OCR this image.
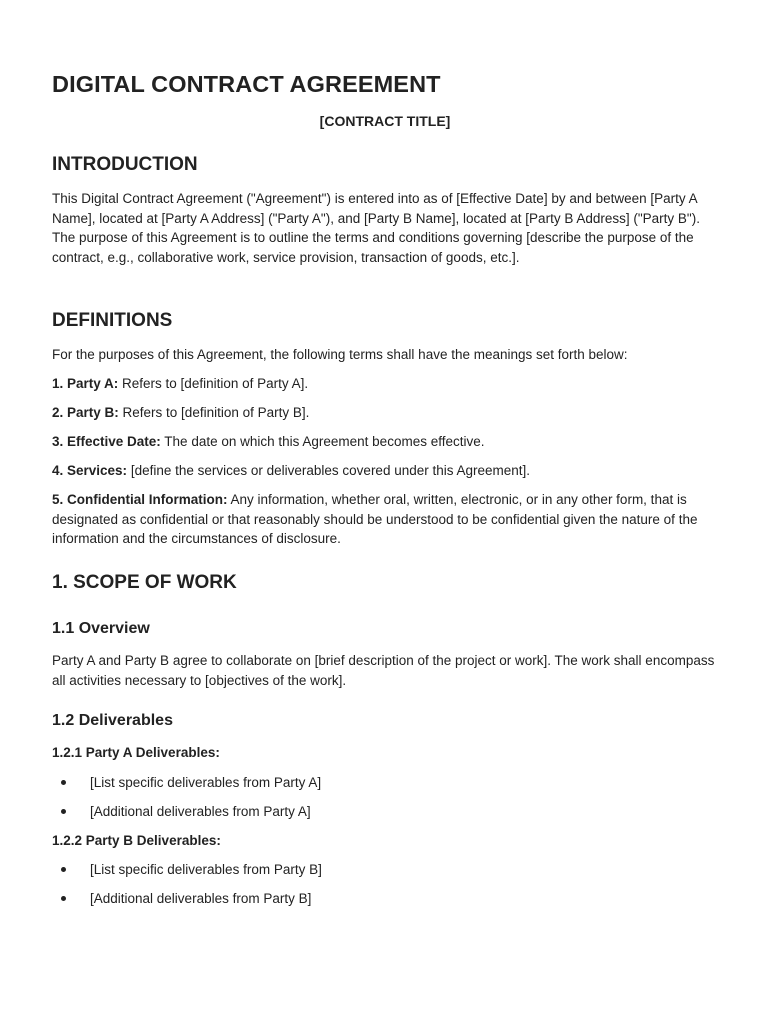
DIGITAL CONTRACT AGREEMENT
[CONTRACT TITLE]
INTRODUCTION

This Digital Contract Agreement ("Agreement") is entered into as of [Effective Date] by and between [Party A Name], located at [Party A Address] ("Party A"), and [Party B Name], located at [Party B Address] ("Party B"). The purpose of this Agreement is to outline the terms and conditions governing [describe the purpose of the contract, e.g., collaborative work, service provision, transaction of goods, etc.].

DEFINITIONS

For the purposes of this Agreement, the following terms shall have the meanings set forth below:

1. Party A: Refers to [definition of Party A].

2. Party B: Refers to [definition of Party B].

3. Effective Date: The date on which this Agreement becomes effective.

4. Services: [define the services or deliverables covered under this Agreement].

5. Confidential Information: Any information, whether oral, written, electronic, or in any other form, that is designated as confidential or that reasonably should be understood to be confidential given the nature of the information and the circumstances of disclosure.

1. SCOPE OF WORK
1.1 Overview

Party A and Party B agree to collaborate on [brief description of the project or work]. The work shall encompass all activities necessary to [objectives of the work].

1.2 Deliverables
1.2.1 Party A Deliverables:
[List specific deliverables from Party A]
[Additional deliverables from Party A]
1.2.2 Party B Deliverables:
[List specific deliverables from Party B]
[Additional deliverables from Party B]
